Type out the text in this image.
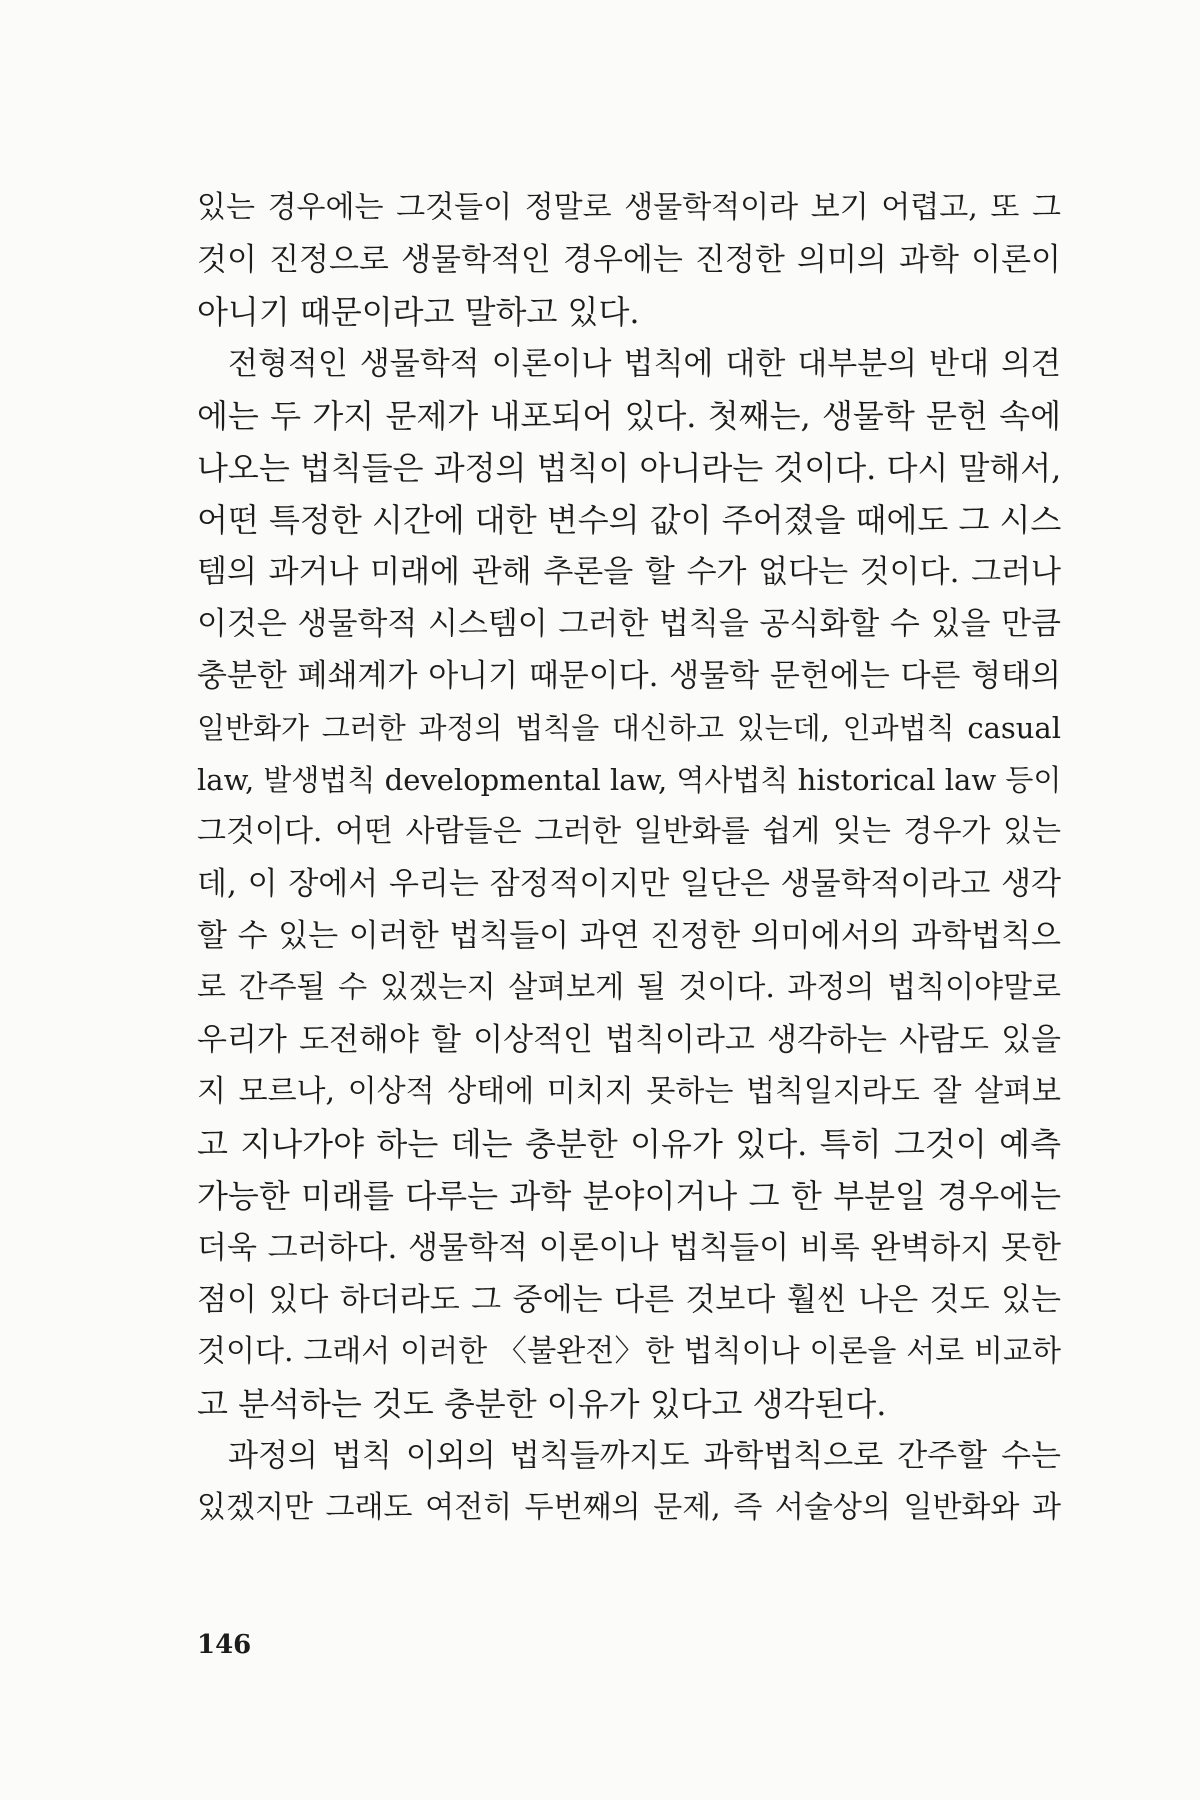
있는 경우에는 그것들이 정말로 생물학적이라 보기 어렵고, 또 그
것이 진정으로 생물학적인 경우에는 진정한 의미의 과학 이론이
아니기 때문이라고 말하고 있다.
전형적인 생물학적 이론이나 법칙에 대한 대부분의 반대 의견
에는 두 가지 문제가 내포되어 있다. 첫째는, 생물학 문헌 속에
나오는 법칙들은 과정의 법칙이 아니라는 것이다. 다시 말해서,
어떤 특정한 시간에 대한 변수의 값이 주어졌을 때에도 그 시스
템의 과거나 미래에 관해 추론을 할 수가 없다는 것이다. 그러나
이것은 생물학적 시스템이 그러한 법칙을 공식화할 수 있을 만큼
충분한 폐쇄계가 아니기 때문이다. 생물학 문헌에는 다른 형태의
일반화가 그러한 과정의 법칙을 대신하고 있는데, 인과법칙 casual
law, 발생법칙 developmental law, 역사법칙 historical law 등이
그것이다. 어떤 사람들은 그러한 일반화를 쉽게 잊는 경우가 있는
데, 이 장에서 우리는 잠정적이지만 일단은 생물학적이라고 생각
할 수 있는 이러한 법칙들이 과연 진정한 의미에서의 과학법칙으
로 간주될 수 있겠는지 살펴보게 될 것이다. 과정의 법칙이야말로
우리가 도전해야 할 이상적인 법칙이라고 생각하는 사람도 있을
지 모르나, 이상적 상태에 미치지 못하는 법칙일지라도 잘 살펴보
고 지나가야 하는 데는 충분한 이유가 있다. 특히 그것이 예측
가능한 미래를 다루는 과학 분야이거나 그 한 부분일 경우에는
더욱 그러하다. 생물학적 이론이나 법칙들이 비록 완벽하지 못한
점이 있다 하더라도 그 중에는 다른 것보다 훨씬 나은 것도 있는
것이다. 그래서 이러한 〈불완전〉한 법칙이나 이론을 서로 비교하
고 분석하는 것도 충분한 이유가 있다고 생각된다.
과정의 법칙 이외의 법칙들까지도 과학법칙으로 간주할 수는
있겠지만 그래도 여전히 두번째의 문제, 즉 서술상의 일반화와 과
146
